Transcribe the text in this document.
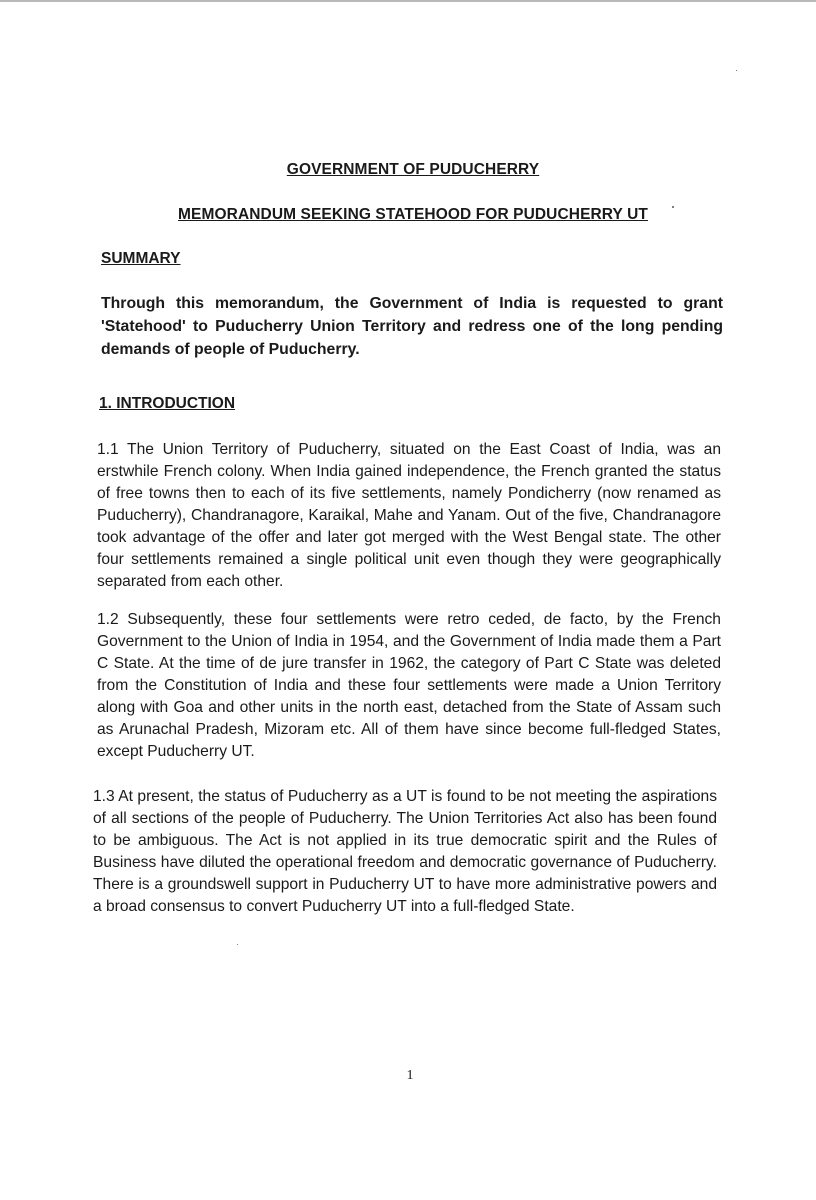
GOVERNMENT OF PUDUCHERRY
MEMORANDUM SEEKING STATEHOOD FOR PUDUCHERRY UT
SUMMARY
Through this memorandum, the Government of India is requested to grant 'Statehood' to Puducherry Union Territory and redress one of the long pending demands of people of Puducherry.
1. INTRODUCTION
1.1 The Union Territory of Puducherry, situated on the East Coast of India, was an erstwhile French colony. When India gained independence, the French granted the status of free towns then to each of its five settlements, namely Pondicherry (now renamed as Puducherry), Chandranagore, Karaikal, Mahe and Yanam. Out of the five, Chandranagore took advantage of the offer and later got merged with the West Bengal state. The other four settlements remained a single political unit even though they were geographically separated from each other.
1.2 Subsequently, these four settlements were retro ceded, de facto, by the French Government to the Union of India in 1954, and the Government of India made them a Part C State. At the time of de jure transfer in 1962, the category of Part C State was deleted from the Constitution of India and these four settlements were made a Union Territory along with Goa and other units in the north east, detached from the State of Assam such as Arunachal Pradesh, Mizoram etc. All of them have since become full-fledged States, except Puducherry UT.
1.3 At present, the status of Puducherry as a UT is found to be not meeting the aspirations of all sections of the people of Puducherry. The Union Territories Act also has been found to be ambiguous. The Act is not applied in its true democratic spirit and the Rules of Business have diluted the operational freedom and democratic governance of Puducherry. There is a groundswell support in Puducherry UT to have more administrative powers and a broad consensus to convert Puducherry UT into a full-fledged State.
1
